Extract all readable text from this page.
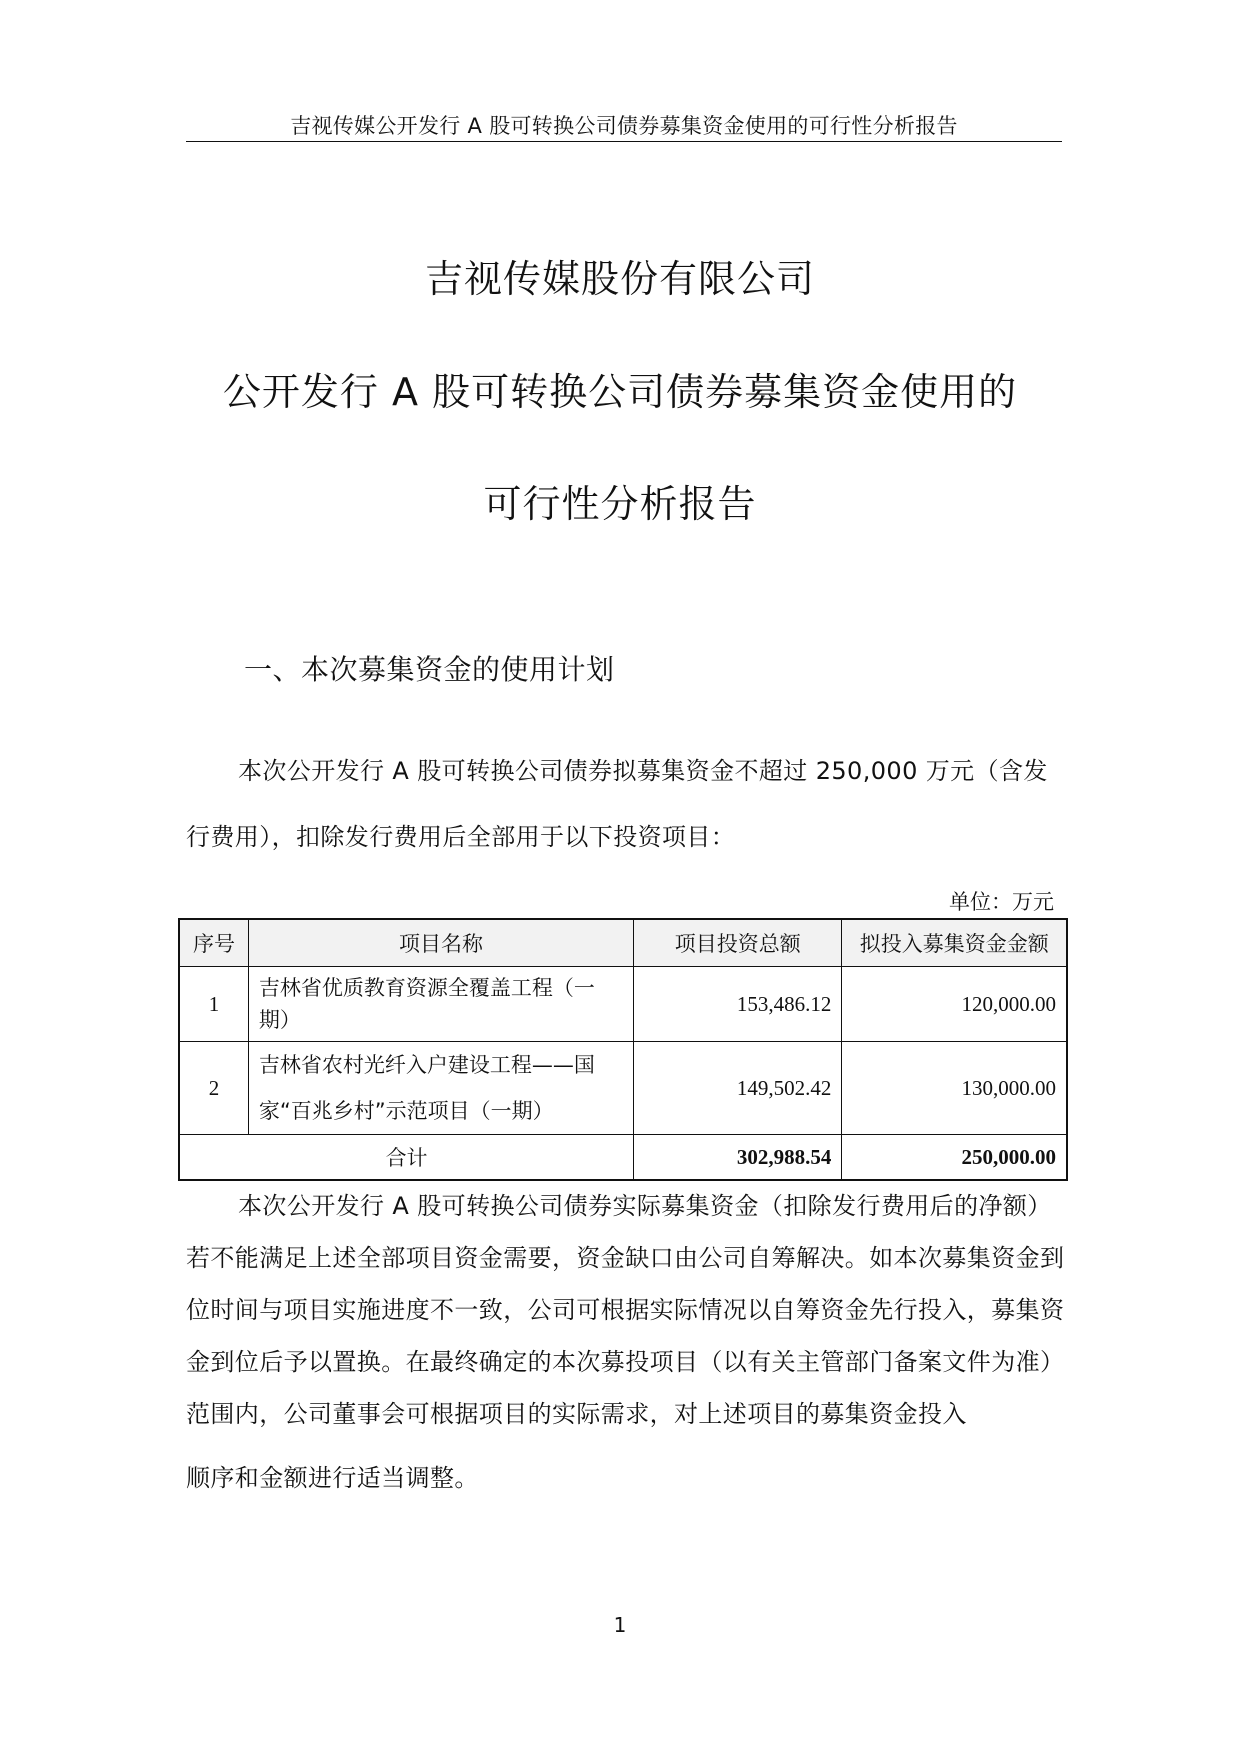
吉视传媒公开发行 A 股可转换公司债券募集资金使用的可行性分析报告
吉视传媒股份有限公司
公开发行 A 股可转换公司债券募集资金使用的
可行性分析报告
一、本次募集资金的使用计划

本次公开发行 A 股可转换公司债券拟募集资金不超过 250,000 万元（含发行费用），扣除发行费用后全部用于以下投资项目：

单位：万元
序号	项目名称	项目投资总额	拟投入募集资金金额
1	吉林省优质教育资源全覆盖工程（一期）	153,486.12	120,000.00
2	吉林省农村光纤入户建设工程——国家“百兆乡村”示范项目（一期）	149,502.42	130,000.00
合计		302,988.54	250,000.00

本次公开发行 A 股可转换公司债券实际募集资金（扣除发行费用后的净额）若不能满足上述全部项目资金需要，资金缺口由公司自筹解决。如本次募集资金到位时间与项目实施进度不一致，公司可根据实际情况以自筹资金先行投入，募集资金到位后予以置换。在最终确定的本次募投项目（以有关主管部门备案文件为准）范围内，公司董事会可根据项目的实际需求，对上述项目的募集资金投入

顺序和金额进行适当调整。
1
